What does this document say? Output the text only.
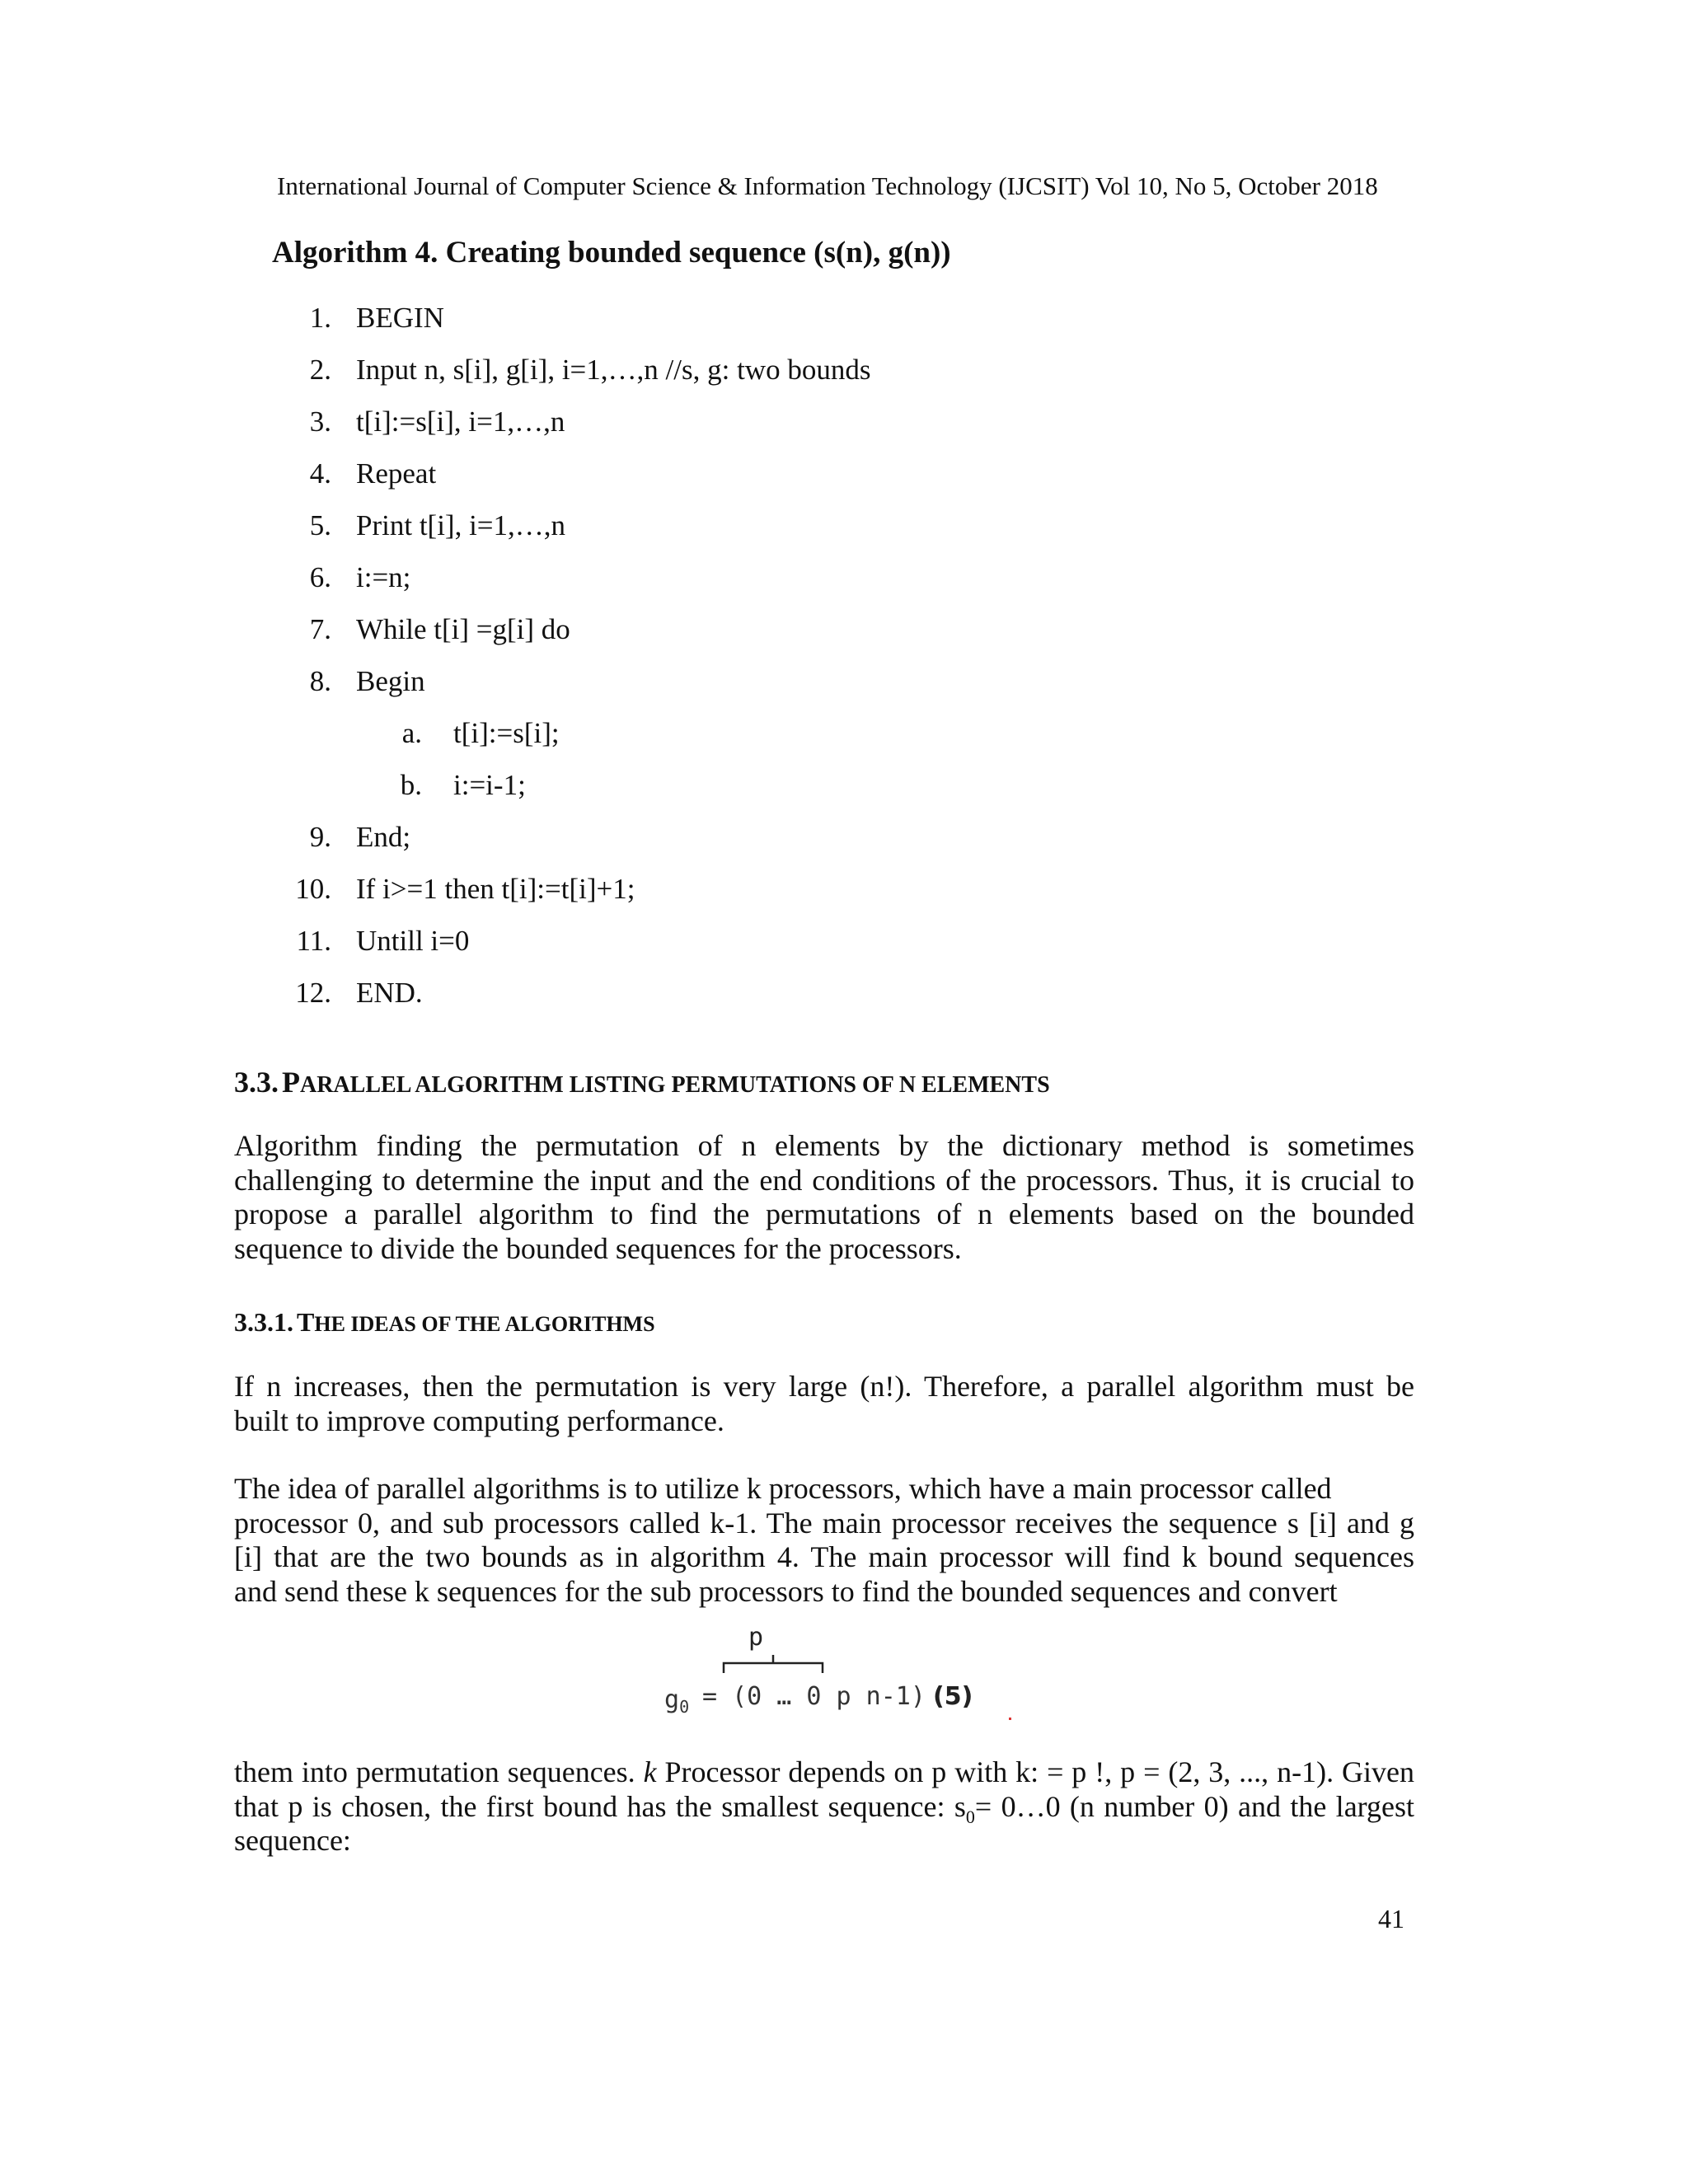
International Journal of Computer Science & Information Technology (IJCSIT) Vol 10, No 5, October 2018
Algorithm 4. Creating bounded sequence (s(n), g(n))
1. BEGIN
2. Input n, s[i], g[i], i=1,…,n //s, g: two bounds
3. t[i]:=s[i], i=1,…,n
4. Repeat
5. Print t[i], i=1,…,n
6. i:=n;
7. While t[i] =g[i] do
8. Begin
a. t[i]:=s[i];
b. i:=i-1;
9. End;
10. If i>=1 then t[i]:=t[i]+1;
11. Untill i=0
12. END.
3.3. PARALLEL ALGORITHM LISTING PERMUTATIONS OF N ELEMENTS
Algorithm finding the permutation of n elements by the dictionary method is sometimes
challenging to determine the input and the end conditions of the processors. Thus, it is crucial to
propose a parallel algorithm to find the permutations of n elements based on the bounded
sequence to divide the bounded sequences for the processors.
3.3.1. THE IDEAS OF THE ALGORITHMS
If n increases, then the permutation is very large (n!). Therefore, a parallel algorithm must be
built to improve computing performance.
The idea of parallel algorithms is to utilize k processors, which have a main processor called
processor 0, and sub processors called k-1. The main processor receives the sequence s [i] and g
[i] that are the two bounds as in algorithm 4. The main processor will find k bound sequences
and send these k sequences for the sub processors to find the bounded sequences and convert
p
$g_0 = (0$ … 0 p n-1) (5)
them into permutation sequences. k Processor depends on p with k: = p !, p = (2, 3, ..., n-1). Given
that p is chosen, the first bound has the smallest sequence: $s_0=$ 0…0 (n number 0) and the largest
sequence:
41
